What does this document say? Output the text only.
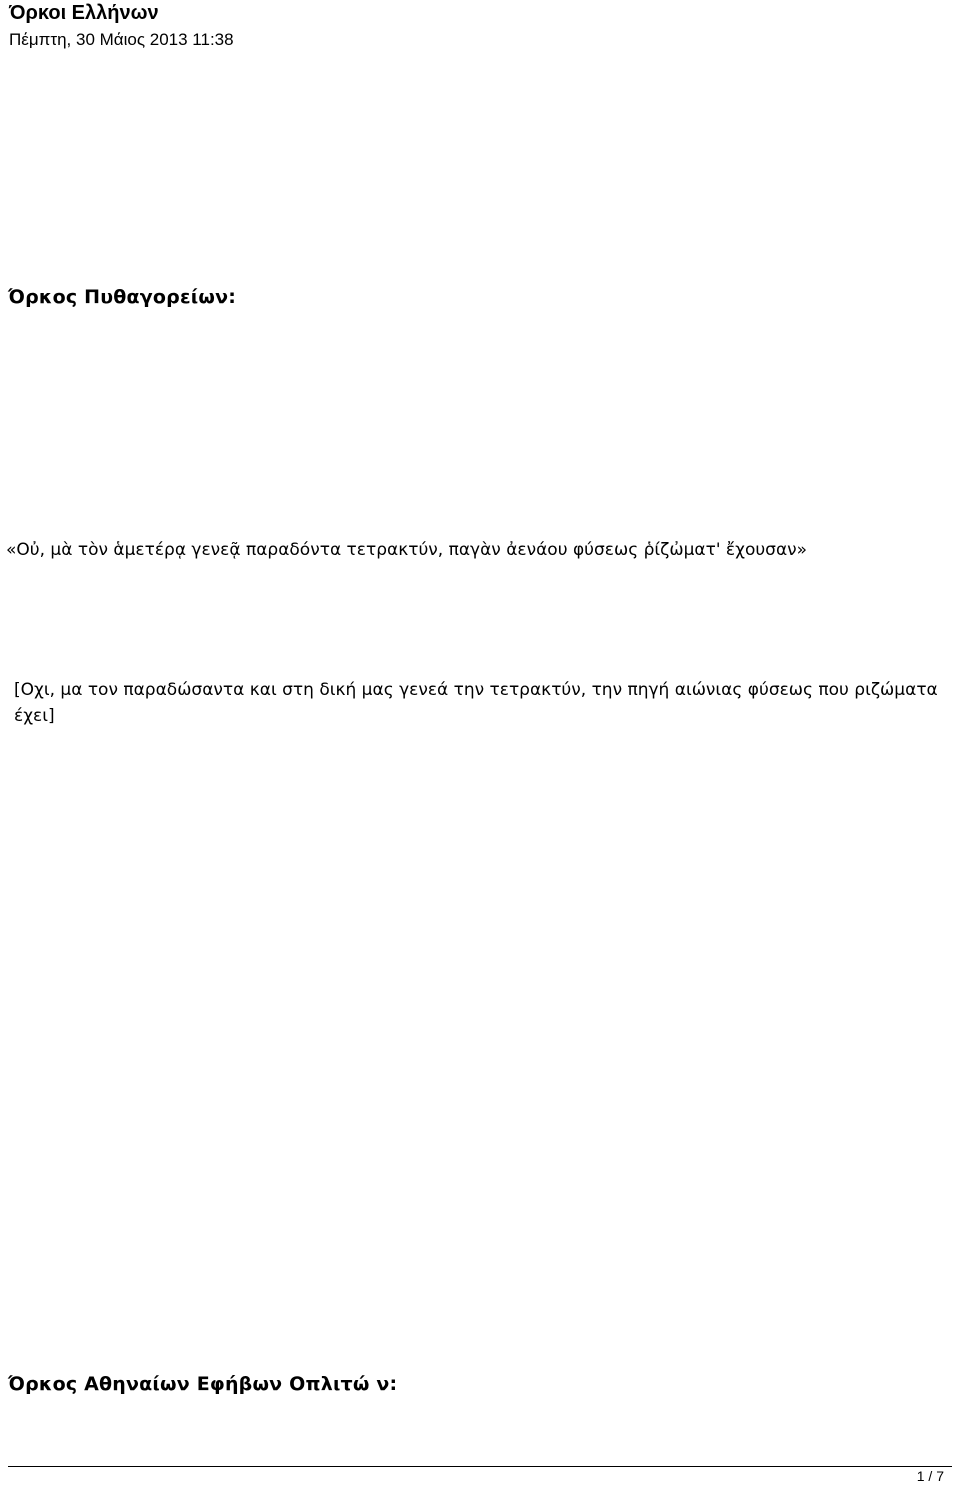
Όρκοι Ελλήνων
Πέμπτη, 30 Μάιος 2013 11:38
Όρκος Πυθαγορείων:

«Οὐ, μὰ τὸν ἁμετέρᾳ γενεᾷ παραδόντα τετρακτύν, παγὰν ἀενάου φύσεως ῥίζὠματ' ἔχουσαν»

[Οχι, μα τον παραδώσαντα και στη δική μας γενεά την τετρακτύν, την πηγή αιώνιας φύσεως που ριζώματα έχει]

Όρκος Αθηναίων Εφήβων Οπλιτώ ν:
1 / 7
